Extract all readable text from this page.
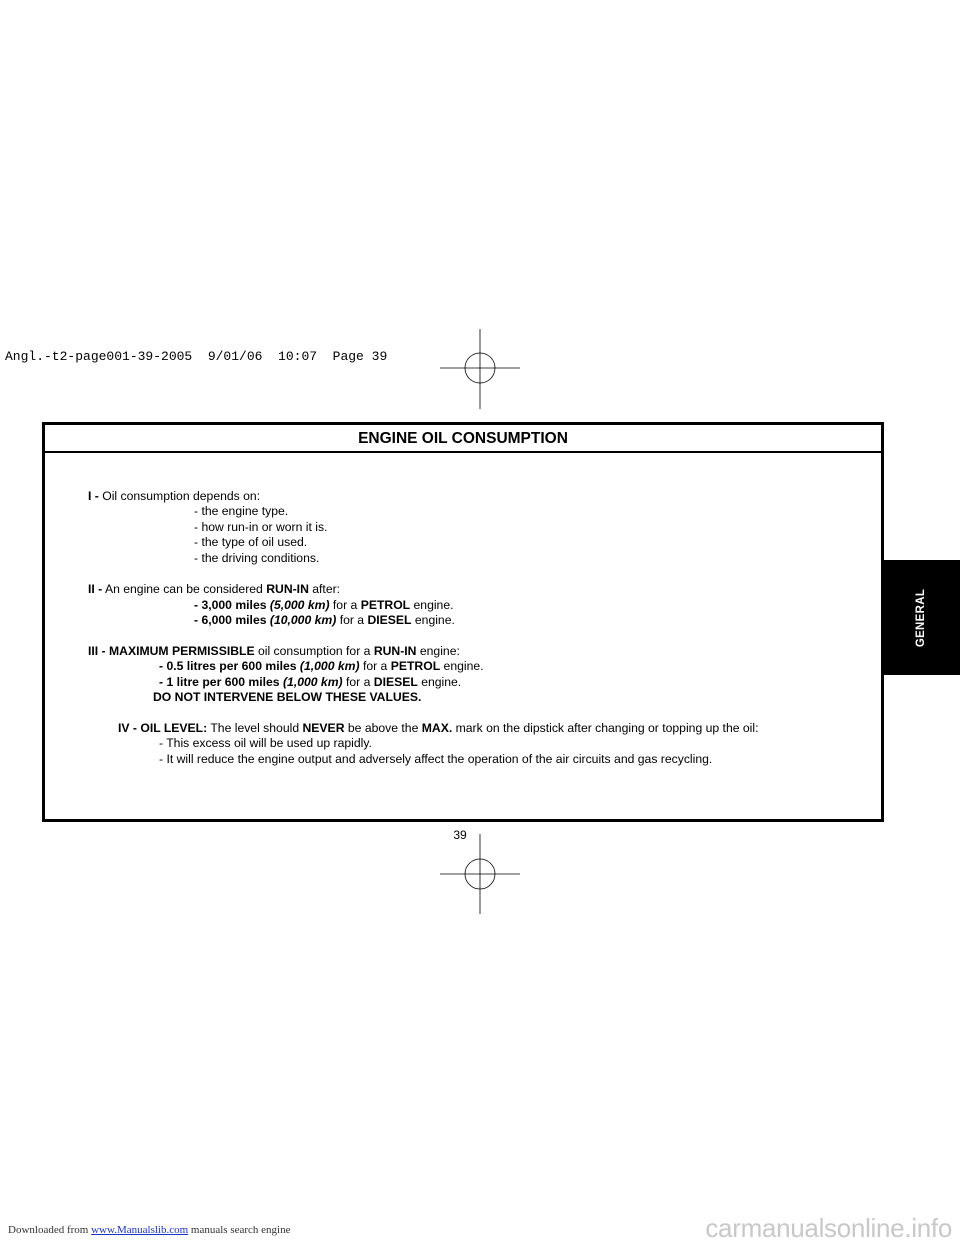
Angl.-t2-page001-39-2005  9/01/06  10:07  Page 39
ENGINE OIL CONSUMPTION
I - Oil consumption depends on:
- the engine type.
- how run-in or worn it is.
- the type of oil used.
- the driving conditions.
II - An engine can be considered RUN-IN after:
- 3,000 miles (5,000 km) for a PETROL engine.
- 6,000 miles (10,000 km) for a DIESEL engine.
III - MAXIMUM PERMISSIBLE oil consumption for a RUN-IN engine:
- 0.5 litres per 600 miles (1,000 km) for a PETROL engine.
- 1 litre per 600 miles (1,000 km) for a DIESEL engine.
DO NOT INTERVENE BELOW THESE VALUES.
IV - OIL LEVEL: The level should NEVER be above the MAX. mark on the dipstick after changing or topping up the oil:
- This excess oil will be used up rapidly.
- It will reduce the engine output and adversely affect the operation of the air circuits and gas recycling.
GENERAL
39
Downloaded from www.Manualslib.com manuals search engine	carmanualsonline.info
